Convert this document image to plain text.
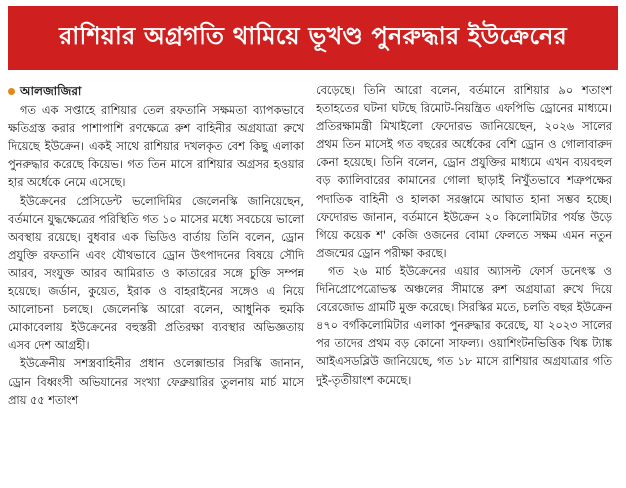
রাশিয়ার অগ্রগতি থামিয়ে ভূখণ্ড পুনরুদ্ধার ইউক্রেনের
আলজাজিরা

গত এক সপ্তাহে রাশিয়ার তেল রফতানি সক্ষমতা ব্যাপকভাবে ক্ষতিগ্রস্ত করার পাশাপাশি রণক্ষেত্রে রুশ বাহিনীর অগ্রযাত্রা রুখে দিয়েছে ইউক্রেন। একই সাথে রাশিয়ার দখলকৃত বেশ কিছু এলাকা পুনরুদ্ধার করেছে কিয়েভ। গত তিন মাসে রাশিয়ার অগ্রসর হওয়ার হার অর্ধেকে নেমে এসেছে।

ইউক্রেনের প্রেসিডেন্ট ভলোদিমির জেলেনস্কি জানিয়েছেন, বর্তমানে যুদ্ধক্ষেত্রের পরিস্থিতি গত ১০ মাসের মধ্যে সবচেয়ে ভালো অবস্থায় রয়েছে। বুধবার এক ভিডিও বার্তায় তিনি বলেন, ড্রোন প্রযুক্তি রফতানি এবং যৌথভাবে ড্রোন উৎপাদনের বিষয়ে সৌদি আরব, সংযুক্ত আরব আমিরাত ও কাতারের সঙ্গে চুক্তি সম্পন্ন হয়েছে। জর্ডান, কুয়েত, ইরাক ও বাহরাইনের সঙ্গেও এ নিয়ে আলোচনা চলছে। জেলেনস্কি আরো বলেন, আধুনিক হুমকি মোকাবেলায় ইউক্রেনের বহুস্তরী প্রতিরক্ষা ব্যবস্থার অভিজ্ঞতায় এসব দেশ আগ্রহী।

ইউক্রেনীয় সশস্ত্রবাহিনীর প্রধান ওলেক্সান্ডার সিরস্কি জানান, ড্রোন বিধ্বংসী অভিযানের সংখ্যা ফেব্রুয়ারির তুলনায় মার্চ মাসে প্রায় ৫৫ শতাংশ

বেড়েছে। তিনি আরো বলেন, বর্তমানে রাশিয়ার ৯০ শতাংশ হতাহতের ঘটনা ঘটছে রিমোট-নিয়ন্ত্রিত এফপিভি ড্রোনের মাধ্যমে। প্রতিরক্ষামন্ত্রী মিখাইলো ফেদোরভ জানিয়েছেন, ২০২৬ সালের প্রথম তিন মাসেই গত বছরের অর্ধেকের বেশি ড্রোন ও গোলাবারুদ কেনা হয়েছে। তিনি বলেন, ড্রোন প্রযুক্তির মাধ্যমে এখন ব্যয়বহুল বড় ক্যালিবারের কামানের গোলা ছাড়াই নিখুঁতভাবে শত্রুপক্ষের পদাতিক বাহিনী ও হালকা সরঞ্জামে আঘাত হানা সম্ভব হচ্ছে। ফেদোরভ জানান, বর্তমানে ইউক্রেন ২০ কিলোমিটার পর্যন্ত উড়ে গিয়ে কয়েক শ' কেজি ওজনের বোমা ফেলতে সক্ষম এমন নতুন প্রজন্মের ড্রোন পরীক্ষা করছে।

গত ২৬ মার্চ ইউক্রেনের এয়ার অ্যাসল্ট ফোর্স ডনেৎস্ক ও দিনিপ্রোপেত্রোভস্ক অঞ্চলের সীমান্তে রুশ অগ্রযাত্রা রুখে দিয়ে বেরেজোভ গ্রামটি মুক্ত করেছে। সিরস্কির মতে, চলতি বছর ইউক্রেন ৪৭০ বর্গকিলোমিটার এলাকা পুনরুদ্ধার করেছে, যা ২০২৩ সালের পর তাদের প্রথম বড় কোনো সাফল্য। ওয়াশিংটনভিত্তিক থিঙ্ক ট্যাঙ্ক আইএসডব্লিউ জানিয়েছে, গত ১৮ মাসে রাশিয়ার অগ্রযাত্রার গতি দুই-তৃতীয়াংশ কমেছে।
